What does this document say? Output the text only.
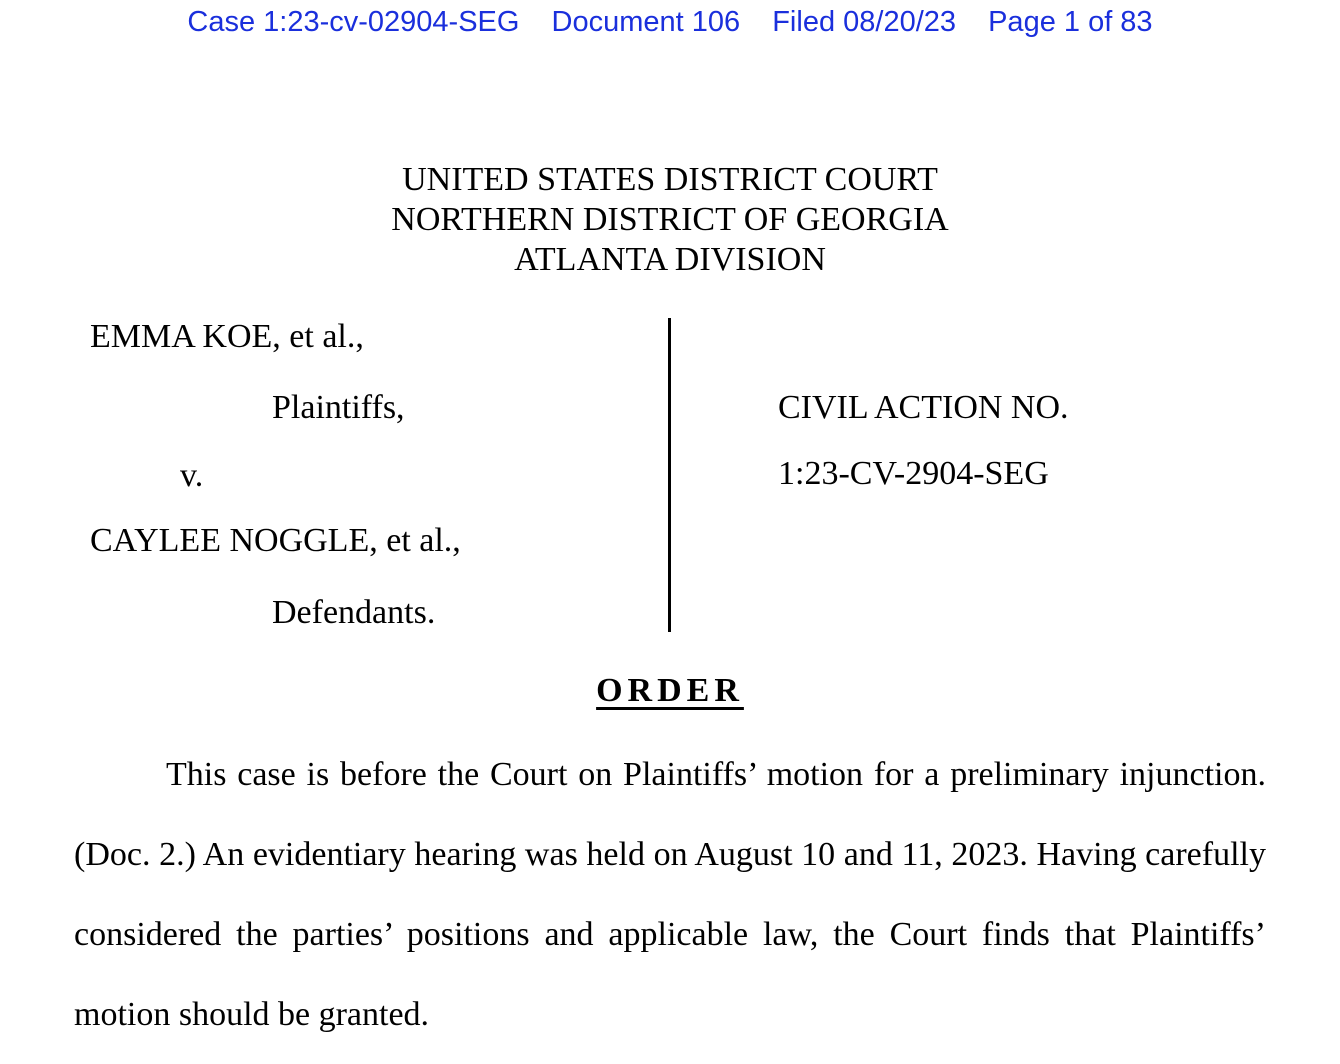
Case 1:23-cv-02904-SEG Document 106 Filed 08/20/23 Page 1 of 83
UNITED STATES DISTRICT COURT
NORTHERN DISTRICT OF GEORGIA
ATLANTA DIVISION
EMMA KOE, et al.,
Plaintiffs,
v.
CAYLEE NOGGLE, et al.,
Defendants.
CIVIL ACTION NO.
1:23-CV-2904-SEG
ORDER

This case is before the Court on Plaintiffs’ motion for a preliminary injunction. (Doc. 2.) An evidentiary hearing was held on August 10 and 11, 2023. Having carefully considered the parties’ positions and applicable law, the Court finds that Plaintiffs’ motion should be granted.
